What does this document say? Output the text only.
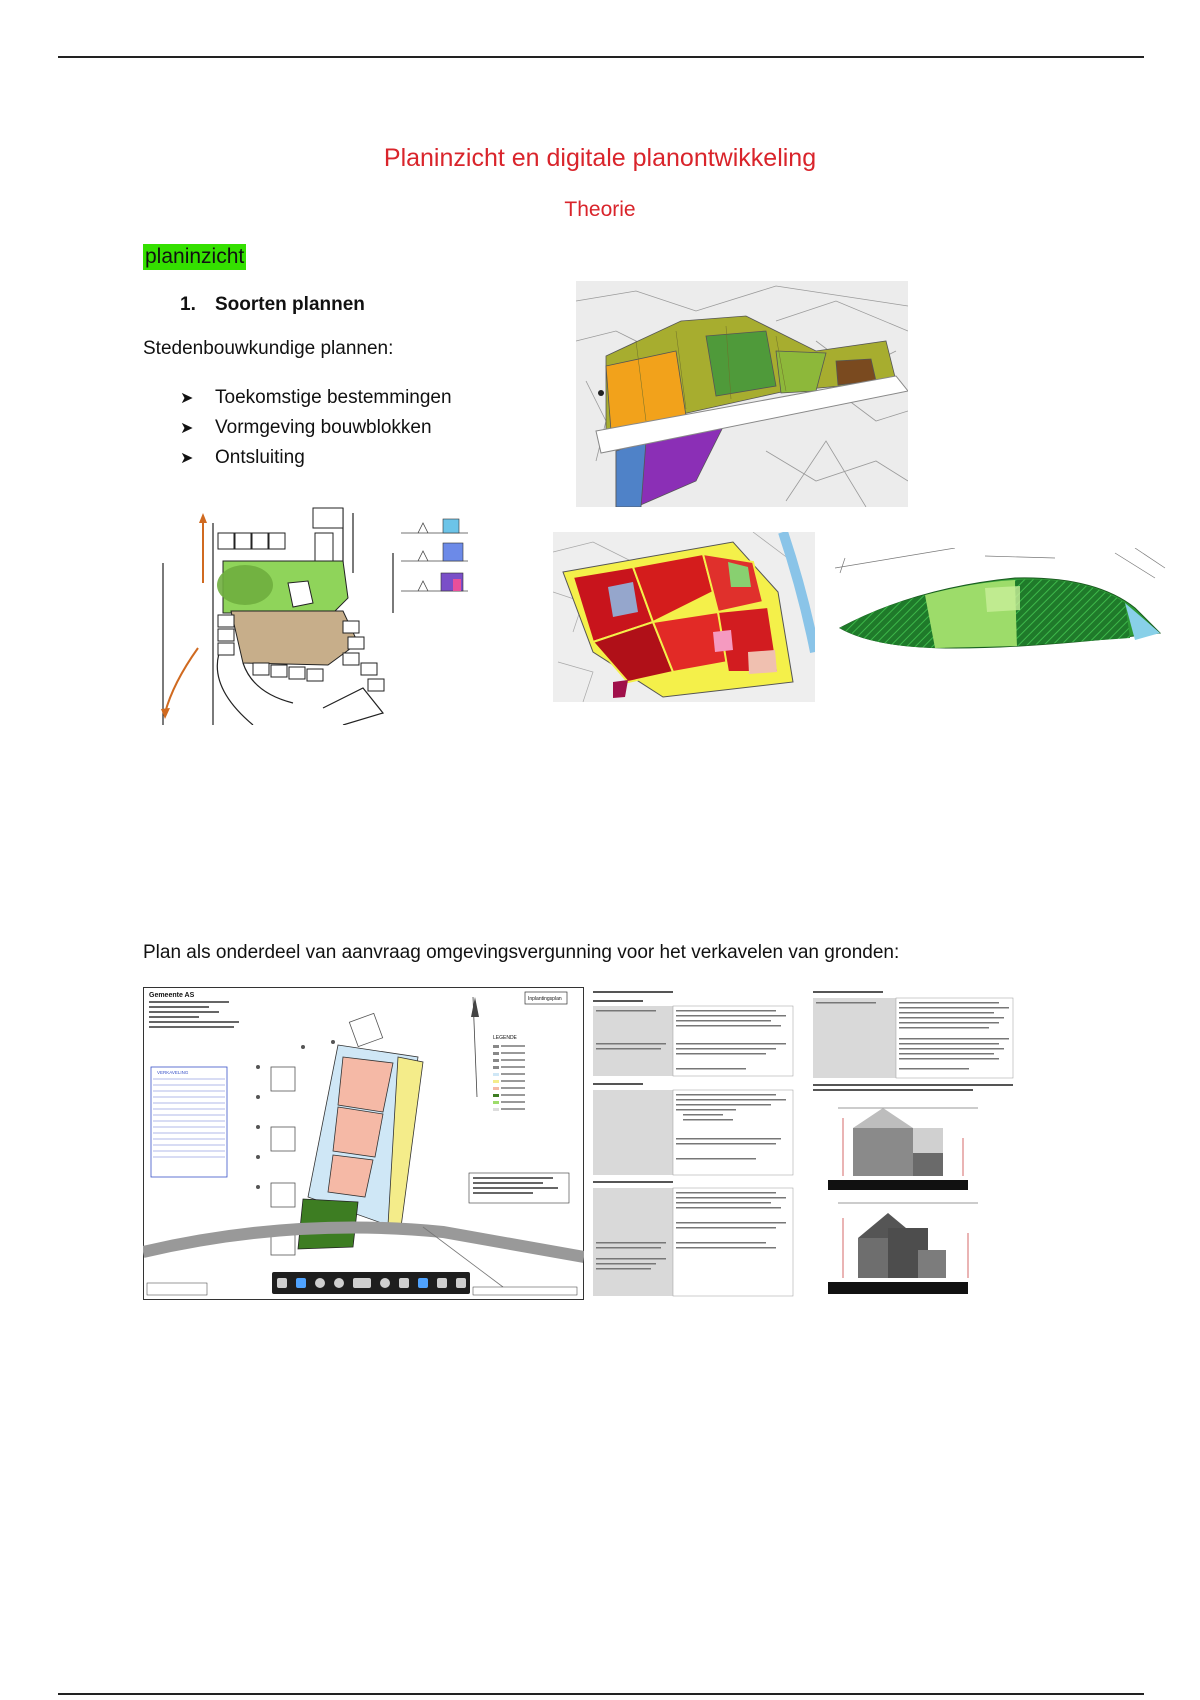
Planinzicht en digitale planontwikkeling
Theorie
planinzicht
1. Soorten plannen
Stedenbouwkundige plannen:
➤ Toekomstige bestemmingen
➤ Vormgeving bouwblokken
➤ Ontsluiting
Plan als onderdeel van aanvraag omgevingsvergunning voor het verkavelen van gronden:
Gemeente AS	Inplantingsplan
VERKAVELING
LEGENDE
